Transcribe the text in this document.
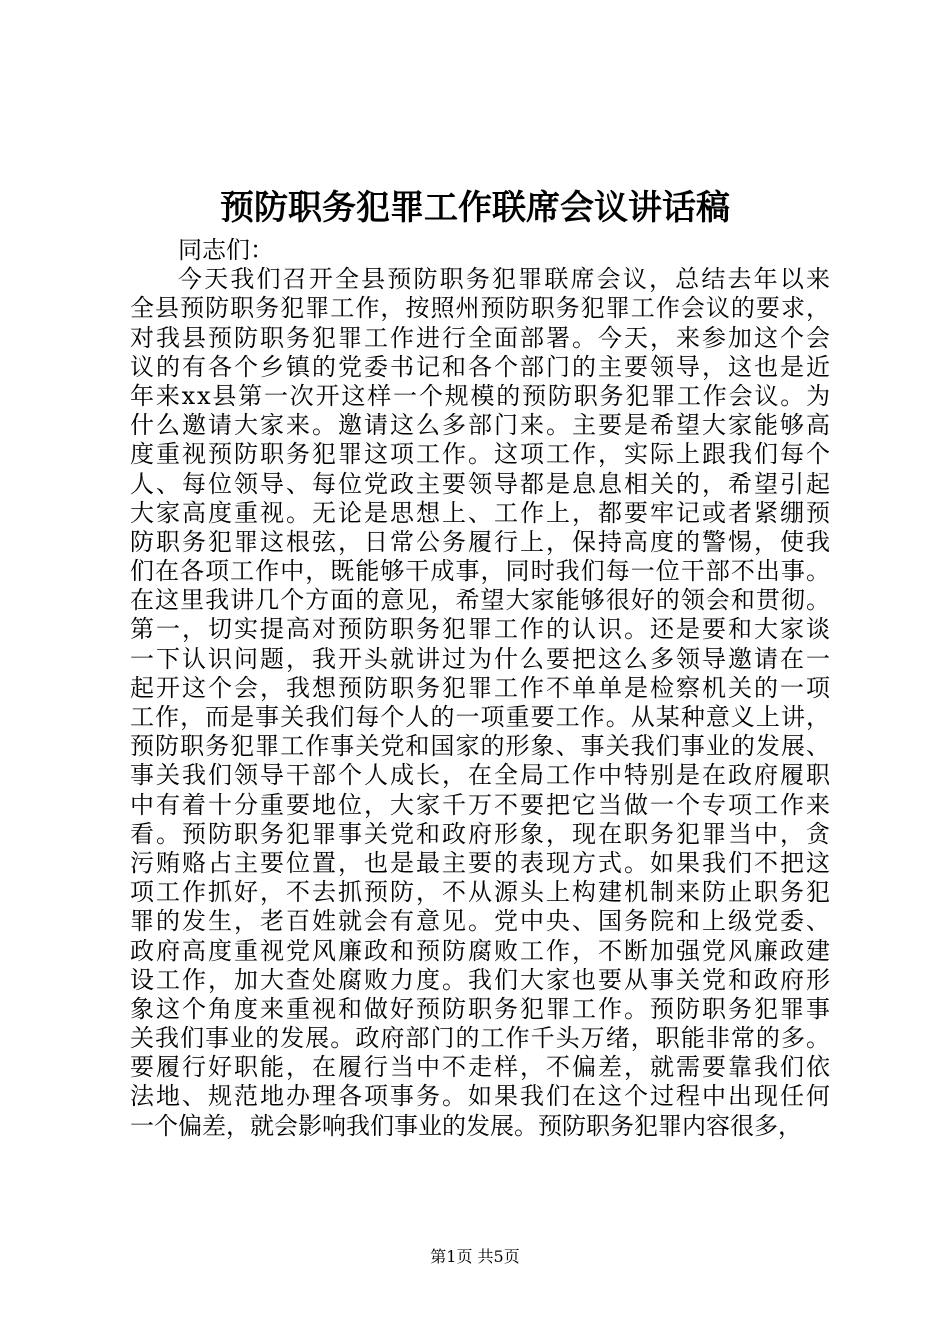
预防职务犯罪工作联席会议讲话稿
同志们：
今天我们召开全县预防职务犯罪联席会议，总结去年以来
全县预防职务犯罪工作，按照州预防职务犯罪工作会议的要求，
对我县预防职务犯罪工作进行全面部署。今天，来参加这个会
议的有各个乡镇的党委书记和各个部门的主要领导，这也是近
年来xx县第一次开这样一个规模的预防职务犯罪工作会议。为
什么邀请大家来。邀请这么多部门来。主要是希望大家能够高
度重视预防职务犯罪这项工作。这项工作，实际上跟我们每个
人、每位领导、每位党政主要领导都是息息相关的，希望引起
大家高度重视。无论是思想上、工作上，都要牢记或者紧绷预
防职务犯罪这根弦，日常公务履行上，保持高度的警惕，使我
们在各项工作中，既能够干成事，同时我们每一位干部不出事。
在这里我讲几个方面的意见，希望大家能够很好的领会和贯彻。
第一，切实提高对预防职务犯罪工作的认识。还是要和大家谈
一下认识问题，我开头就讲过为什么要把这么多领导邀请在一
起开这个会，我想预防职务犯罪工作不单单是检察机关的一项
工作，而是事关我们每个人的一项重要工作。从某种意义上讲，
预防职务犯罪工作事关党和国家的形象、事关我们事业的发展、
事关我们领导干部个人成长，在全局工作中特别是在政府履职
中有着十分重要地位，大家千万不要把它当做一个专项工作来
看。预防职务犯罪事关党和政府形象，现在职务犯罪当中，贪
污贿赂占主要位置，也是最主要的表现方式。如果我们不把这
项工作抓好，不去抓预防，不从源头上构建机制来防止职务犯
罪的发生，老百姓就会有意见。党中央、国务院和上级党委、
政府高度重视党风廉政和预防腐败工作，不断加强党风廉政建
设工作，加大查处腐败力度。我们大家也要从事关党和政府形
象这个角度来重视和做好预防职务犯罪工作。预防职务犯罪事
关我们事业的发展。政府部门的工作千头万绪，职能非常的多。
要履行好职能，在履行当中不走样，不偏差，就需要靠我们依
法地、规范地办理各项事务。如果我们在这个过程中出现任何
一个偏差，就会影响我们事业的发展。预防职务犯罪内容很多，
第1页 共5页
